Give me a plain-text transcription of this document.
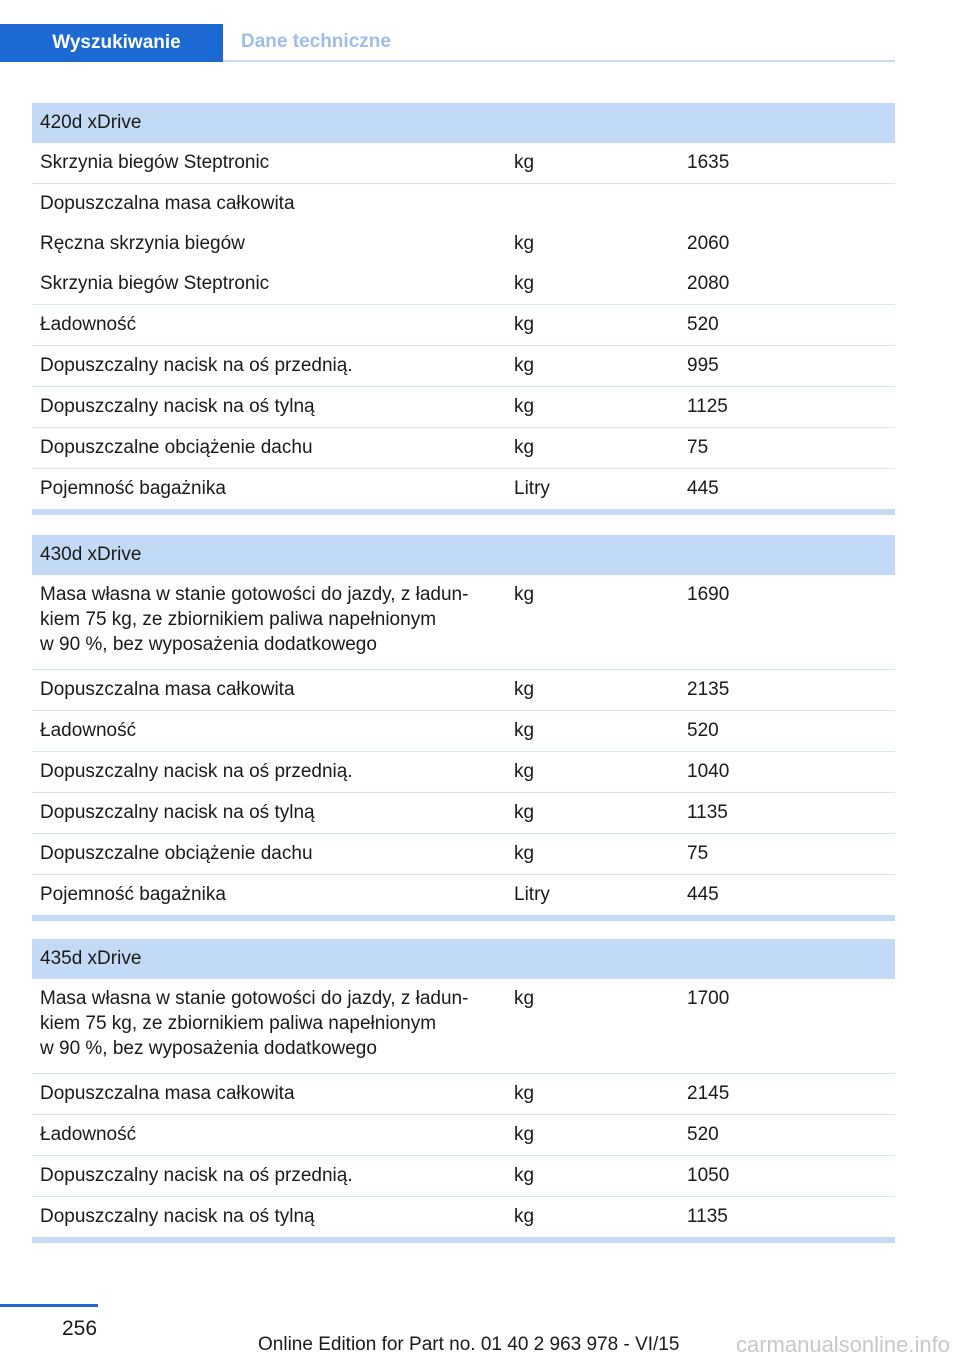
Wyszukiwanie	Dane techniczne
420d xDrive
Skrzynia biegów Steptronic	kg	1635
Dopuszczalna masa całkowita
Ręczna skrzynia biegów	kg	2060
Skrzynia biegów Steptronic	kg	2080
Ładowność	kg	520
Dopuszczalny nacisk na oś przednią.	kg	995
Dopuszczalny nacisk na oś tylną	kg	1125
Dopuszczalne obciążenie dachu	kg	75
Pojemność bagażnika	Litry	445
430d xDrive
Masa własna w stanie gotowości do jazdy, z ładun-
kiem 75 kg, ze zbiornikiem paliwa napełnionym
w 90 %, bez wyposażenia dodatkowego
kg	1690
Dopuszczalna masa całkowita	kg	2135
Ładowność	kg	520
Dopuszczalny nacisk na oś przednią.	kg	1040
Dopuszczalny nacisk na oś tylną	kg	1135
Dopuszczalne obciążenie dachu	kg	75
Pojemność bagażnika	Litry	445
435d xDrive
Masa własna w stanie gotowości do jazdy, z ładun-
kiem 75 kg, ze zbiornikiem paliwa napełnionym
w 90 %, bez wyposażenia dodatkowego
kg	1700
Dopuszczalna masa całkowita	kg	2145
Ładowność	kg	520
Dopuszczalny nacisk na oś przednią.	kg	1050
Dopuszczalny nacisk na oś tylną	kg	1135
256
Online Edition for Part no. 01 40 2 963 978 - VI/15	carmanualsonline.info
